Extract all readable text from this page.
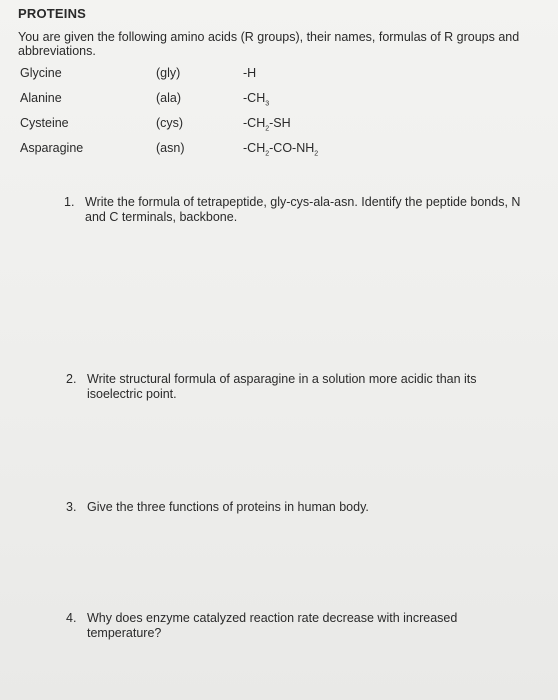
PROTEINS
You are given the following amino acids (R groups), their names, formulas of R groups and abbreviations.
Glycine	(gly)	-H
Alanine	(ala)	$-CH_3$
Cysteine	(cys)	$-CH_2-SH$
Asparagine	(asn)	$-CH_2-CO-NH_2$
1. Write the formula of tetrapeptide, gly-cys-ala-asn. Identify the peptide bonds, N and C terminals, backbone.
2. Write structural formula of asparagine in a solution more acidic than its isoelectric point.
3. Give the three functions of proteins in human body.
4. Why does enzyme catalyzed reaction rate decrease with increased temperature?
